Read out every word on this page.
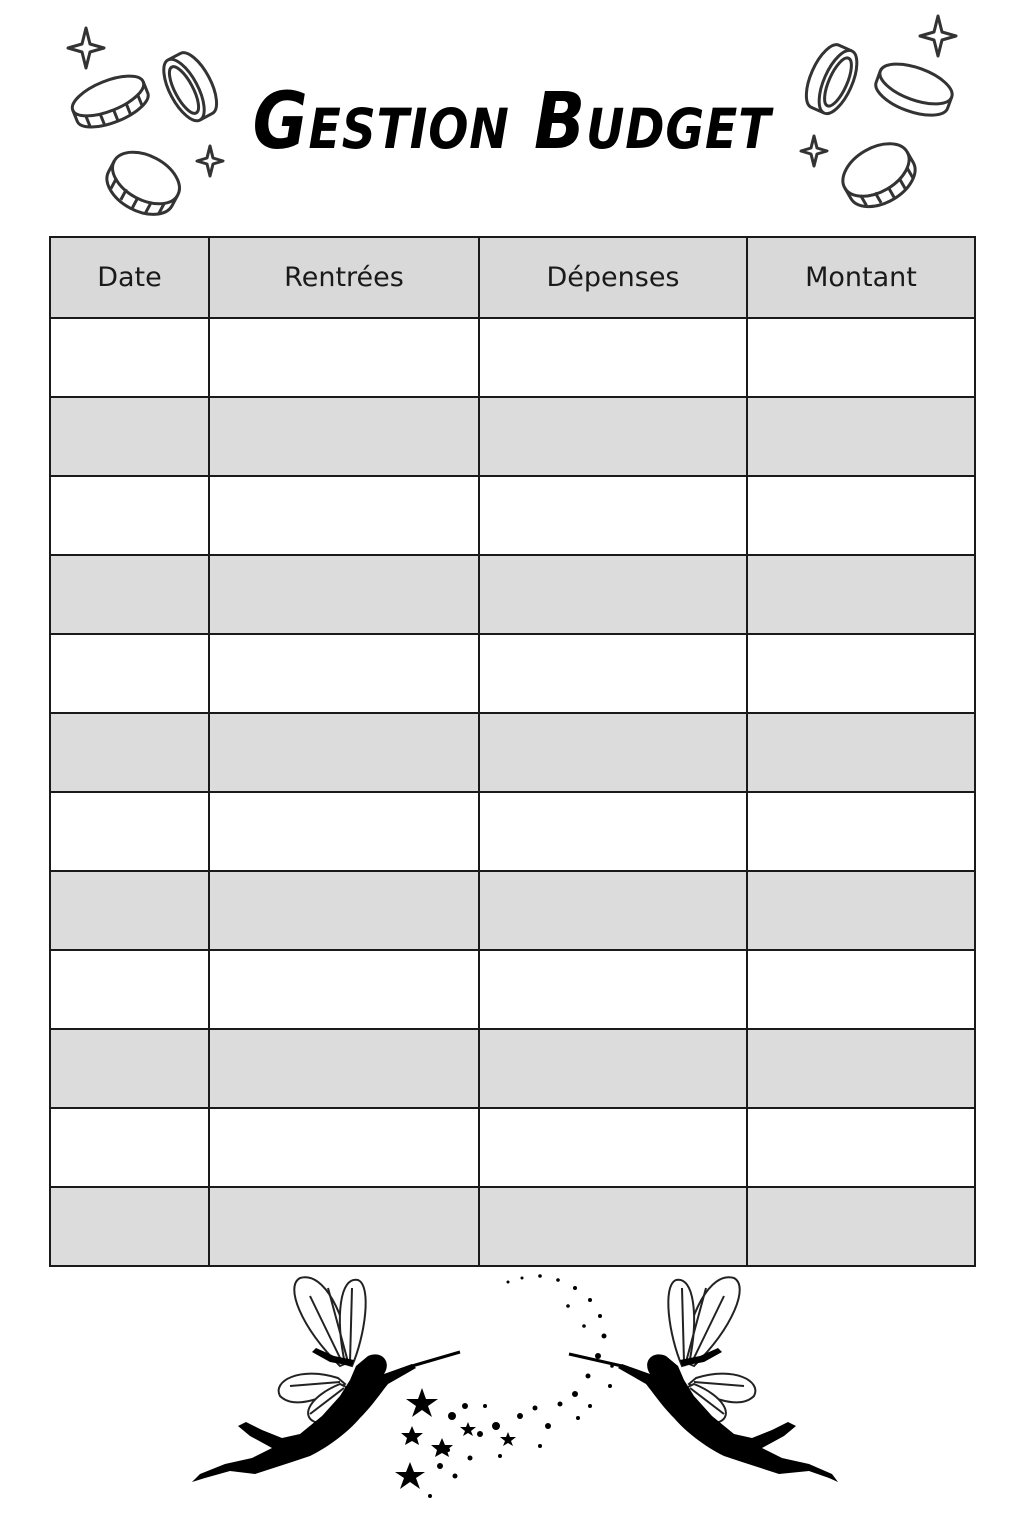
Gestion Budget
Date	Rentrées	Dépenses	Montant
